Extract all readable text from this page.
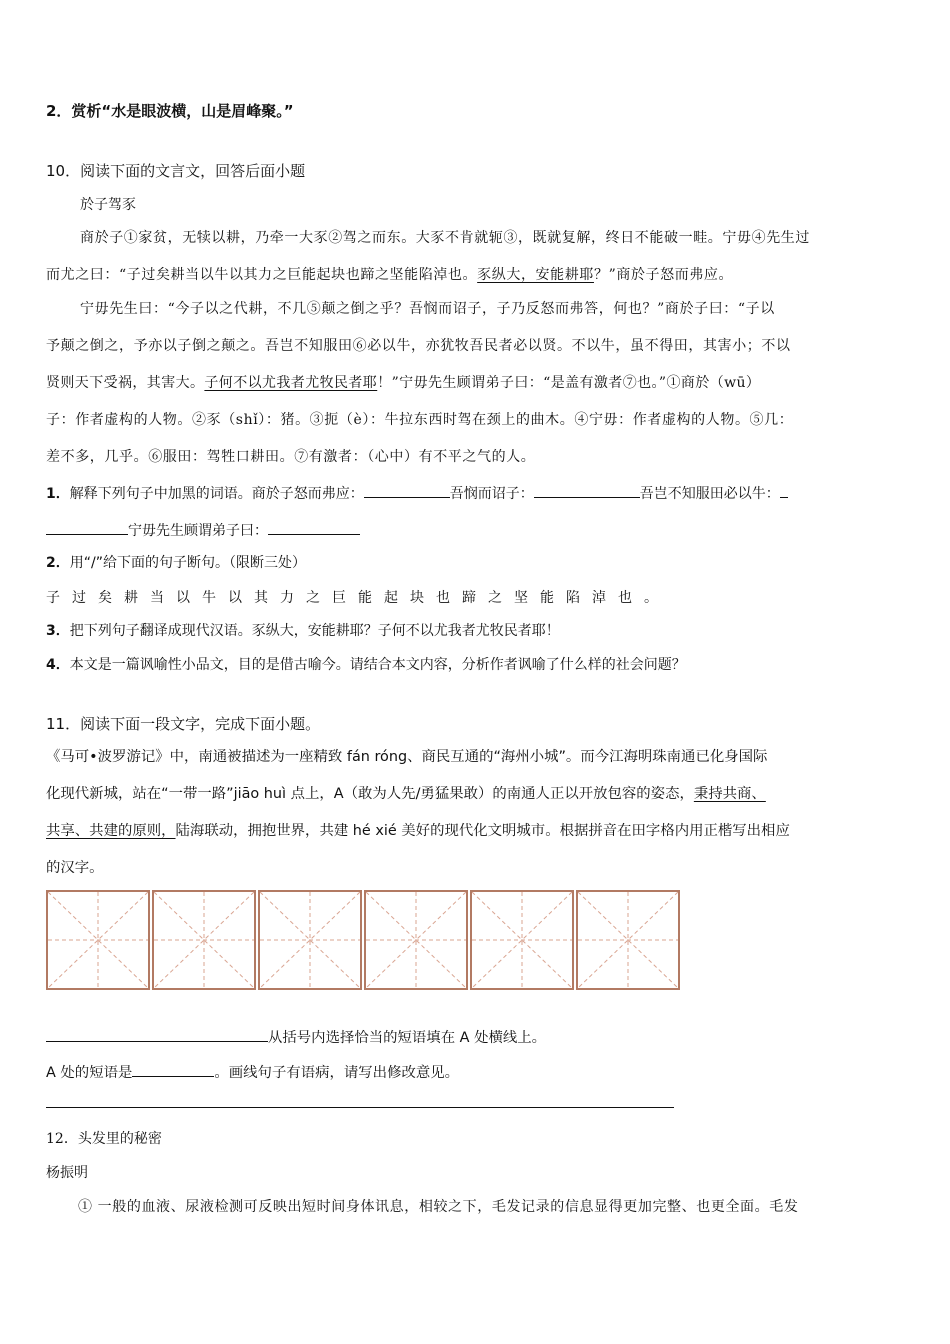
2．赏析“水是眼波横，山是眉峰聚。”
10．阅读下面的文言文，回答后面小题
於子驾豕
商於子①家贫，无犊以耕，乃牵一大豕②驾之而东。大豕不肯就轭③，既就复解，终日不能破一畦。宁毋④先生过
而尤之曰：“子过矣耕当以牛以其力之巨能起块也蹄之坚能陷淖也。豕纵大，安能耕耶？”商於子怒而弗应。
宁毋先生曰：“今子以之代耕，不几⑤颠之倒之乎？吾悯而诏子，子乃反怒而弗答，何也？”商於子曰：“子以
予颠之倒之，予亦以子倒之颠之。吾岂不知服田⑥必以牛，亦犹牧吾民者必以贤。不以牛，虽不得田，其害小；不以
贤则天下受祸，其害大。子何不以尤我者尤牧民者耶！”宁毋先生顾谓弟子曰：“是盖有激者⑦也。”①商於（wū）
子：作者虚构的人物。②豕（shǐ）：猪。③扼（è）：牛拉东西时驾在颈上的曲木。④宁毋：作者虚构的人物。⑤几：
差不多，几乎。⑥服田：驾牲口耕田。⑦有激者：（心中）有不平之气的人。
1．解释下列句子中加黑的词语。商於子怒而弗应：	吾悯而诏子：	吾岂不知服田必以牛：
宁毋先生顾谓弟子曰：
2．用“/”给下面的句子断句。（限断三处）
子过矣耕当以牛以其力之巨能起块也蹄之坚能陷淖也。
3．把下列句子翻译成现代汉语。豕纵大，安能耕耶？子何不以尤我者尤牧民者耶！
4．本文是一篇讽喻性小品文，目的是借古喻今。请结合本文内容，分析作者讽喻了什么样的社会问题？
11．阅读下面一段文字，完成下面小题。
《马可•波罗游记》中，南通被描述为一座精致 fán róng、商民互通的“海州小城”。而今江海明珠南通已化身国际
化现代新城，站在“一带一路”jiāo huì 点上，A（敢为人先/勇猛果敢）的南通人正以开放包容的姿态，秉持共商、
共享、共建的原则，陆海联动，拥抱世界，共建 hé xié 美好的现代化文明城市。根据拼音在田字格内用正楷写出相应
的汉字。
从括号内选择恰当的短语填在 A 处横线上。
A 处的短语是	。画线句子有语病，请写出修改意见。
12．头发里的秘密
杨振明
① 一般的血液、尿液检测可反映出短时间身体讯息，相较之下，毛发记录的信息显得更加完整、也更全面。毛发
